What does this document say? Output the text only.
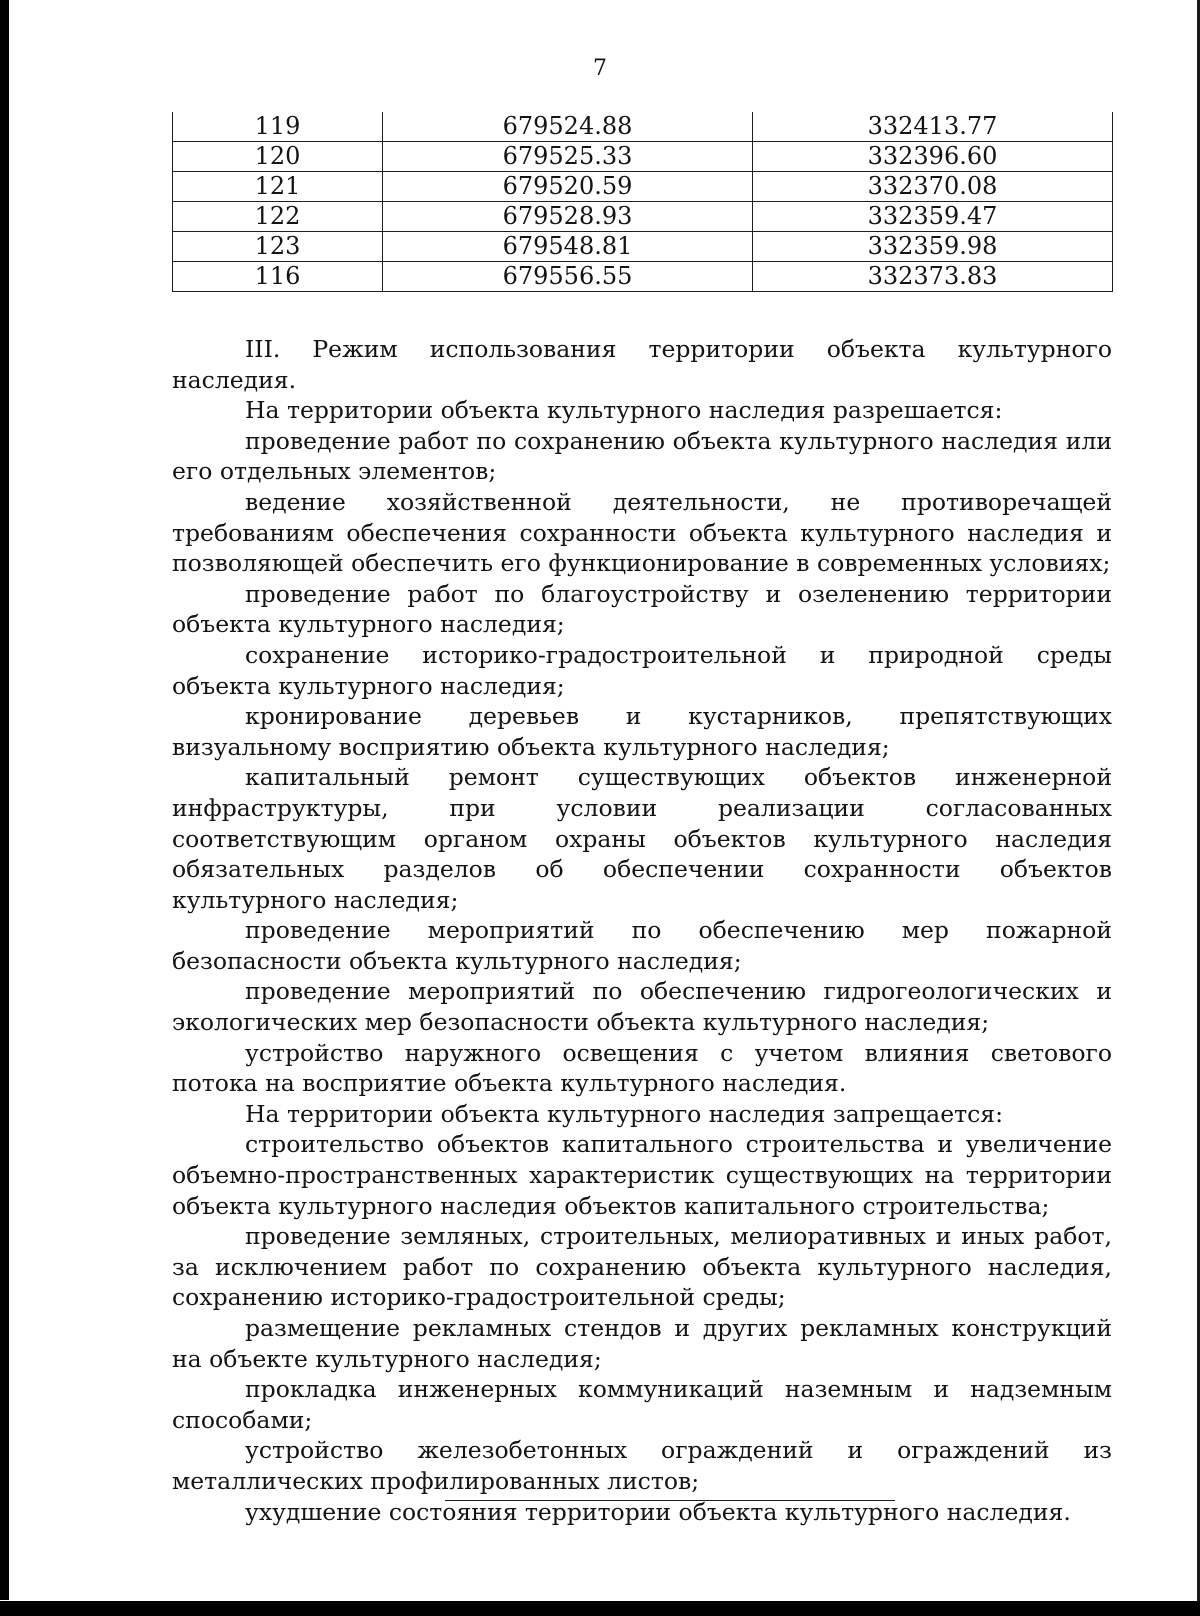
7
119	679524.88	332413.77
120	679525.33	332396.60
121	679520.59	332370.08
122	679528.93	332359.47
123	679548.81	332359.98
116	679556.55	332373.83

III. Режим использования территории объекта культурного наследия.

На территории объекта культурного наследия разрешается:

проведение работ по сохранению объекта культурного наследия или его отдельных элементов;

ведение хозяйственной деятельности, не противоречащей требованиям обеспечения сохранности объекта культурного наследия и позволяющей обеспечить его функционирование в современных условиях;

проведение работ по благоустройству и озеленению территории объекта культурного наследия;

сохранение историко-градостроительной и природной среды объекта культурного наследия;

кронирование деревьев и кустарников, препятствующих визуальному восприятию объекта культурного наследия;

капитальный ремонт существующих объектов инженерной инфраструктуры, при условии реализации согласованных соответствующим органом охраны объектов культурного наследия обязательных разделов об обеспечении сохранности объектов культурного наследия;

проведение мероприятий по обеспечению мер пожарной безопасности объекта культурного наследия;

проведение мероприятий по обеспечению гидрогеологических и экологических мер безопасности объекта культурного наследия;

устройство наружного освещения с учетом влияния светового потока на восприятие объекта культурного наследия.

На территории объекта культурного наследия запрещается:

строительство объектов капитального строительства и увеличение объемно-пространственных характеристик существующих на территории объекта культурного наследия объектов капитального строительства;

проведение земляных, строительных, мелиоративных и иных работ, за исключением работ по сохранению объекта культурного наследия, сохранению историко-градостроительной среды;

размещение рекламных стендов и других рекламных конструкций на объекте культурного наследия;

прокладка инженерных коммуникаций наземным и надземным способами;

устройство железобетонных ограждений и ограждений из металлических профилированных листов;

ухудшение состояния территории объекта культурного наследия.
